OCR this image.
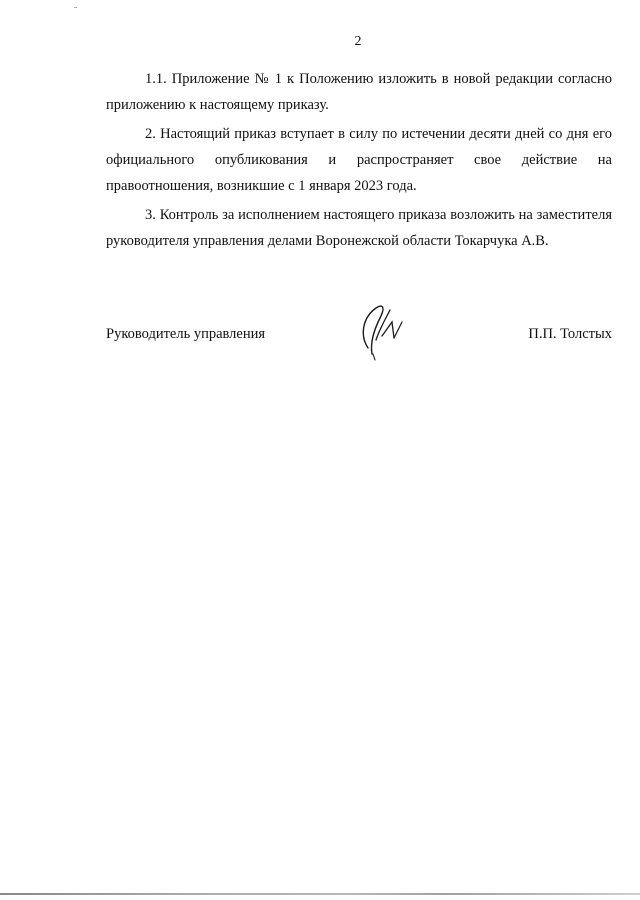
2

1.1. Приложение № 1 к Положению изложить в новой редакции согласно приложению к настоящему приказу.

2. Настоящий приказ вступает в силу по истечении десяти дней со дня его официального опубликования и распространяет свое действие на правоотношения, возникшие с 1 января 2023 года.

3. Контроль за исполнением настоящего приказа возложить на заместителя руководителя управления делами Воронежской области Токарчука А.В.

Руководитель управления	П.П. Толстых
